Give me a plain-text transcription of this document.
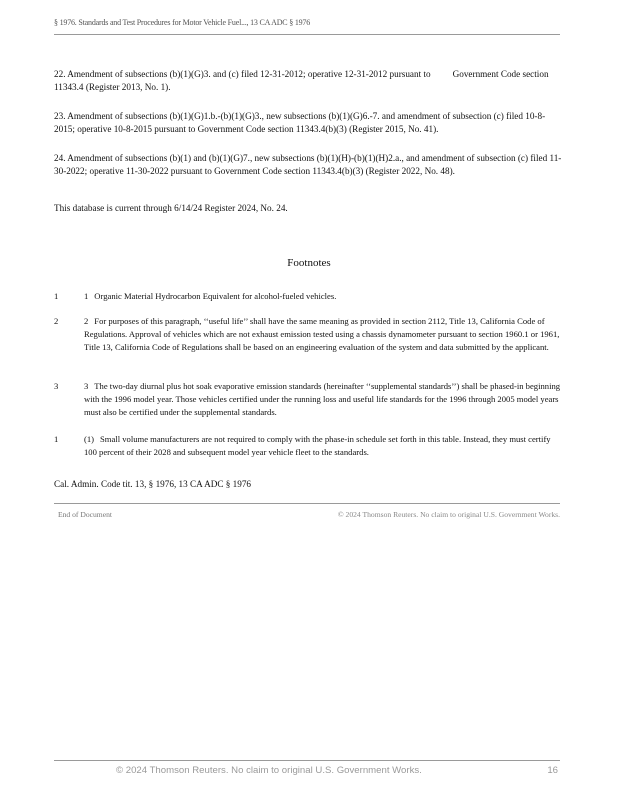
§ 1976. Standards and Test Procedures for Motor Vehicle Fuel..., 13 CA ADC § 1976
22. Amendment of subsections (b)(1)(G)3. and (c) filed 12-31-2012; operative 12-31-2012 pursuant to Government Code section 11343.4 (Register 2013, No. 1).
23. Amendment of subsections (b)(1)(G)1.b.-(b)(1)(G)3., new subsections (b)(1)(G)6.-7. and amendment of subsection (c) filed 10-8-2015; operative 10-8-2015 pursuant to Government Code section 11343.4(b)(3) (Register 2015, No. 41).
24. Amendment of subsections (b)(1) and (b)(1)(G)7., new subsections (b)(1)(H)-(b)(1)(H)2.a., and amendment of subsection (c) filed 11-30-2022; operative 11-30-2022 pursuant to Government Code section 11343.4(b)(3) (Register 2022, No. 48).
This database is current through 6/14/24 Register 2024, No. 24.
Footnotes
1	1 Organic Material Hydrocarbon Equivalent for alcohol-fueled vehicles.
2	2 For purposes of this paragraph, ‘‘useful life’’ shall have the same meaning as provided in section 2112, Title 13, California Code of Regulations. Approval of vehicles which are not exhaust emission tested using a chassis dynamometer pursuant to section 1960.1 or 1961, Title 13, California Code of Regulations shall be based on an engineering evaluation of the system and data submitted by the applicant.
3	3 The two-day diurnal plus hot soak evaporative emission standards (hereinafter ‘‘supplemental standards’’) shall be phased-in beginning with the 1996 model year. Those vehicles certified under the running loss and useful life standards for the 1996 through 2005 model years must also be certified under the supplemental standards.
1	(1) Small volume manufacturers are not required to comply with the phase-in schedule set forth in this table. Instead, they must certify 100 percent of their 2028 and subsequent model year vehicle fleet to the standards.
Cal. Admin. Code tit. 13, § 1976, 13 CA ADC § 1976
End of Document	© 2024 Thomson Reuters. No claim to original U.S. Government Works.
© 2024 Thomson Reuters. No claim to original U.S. Government Works.	16
